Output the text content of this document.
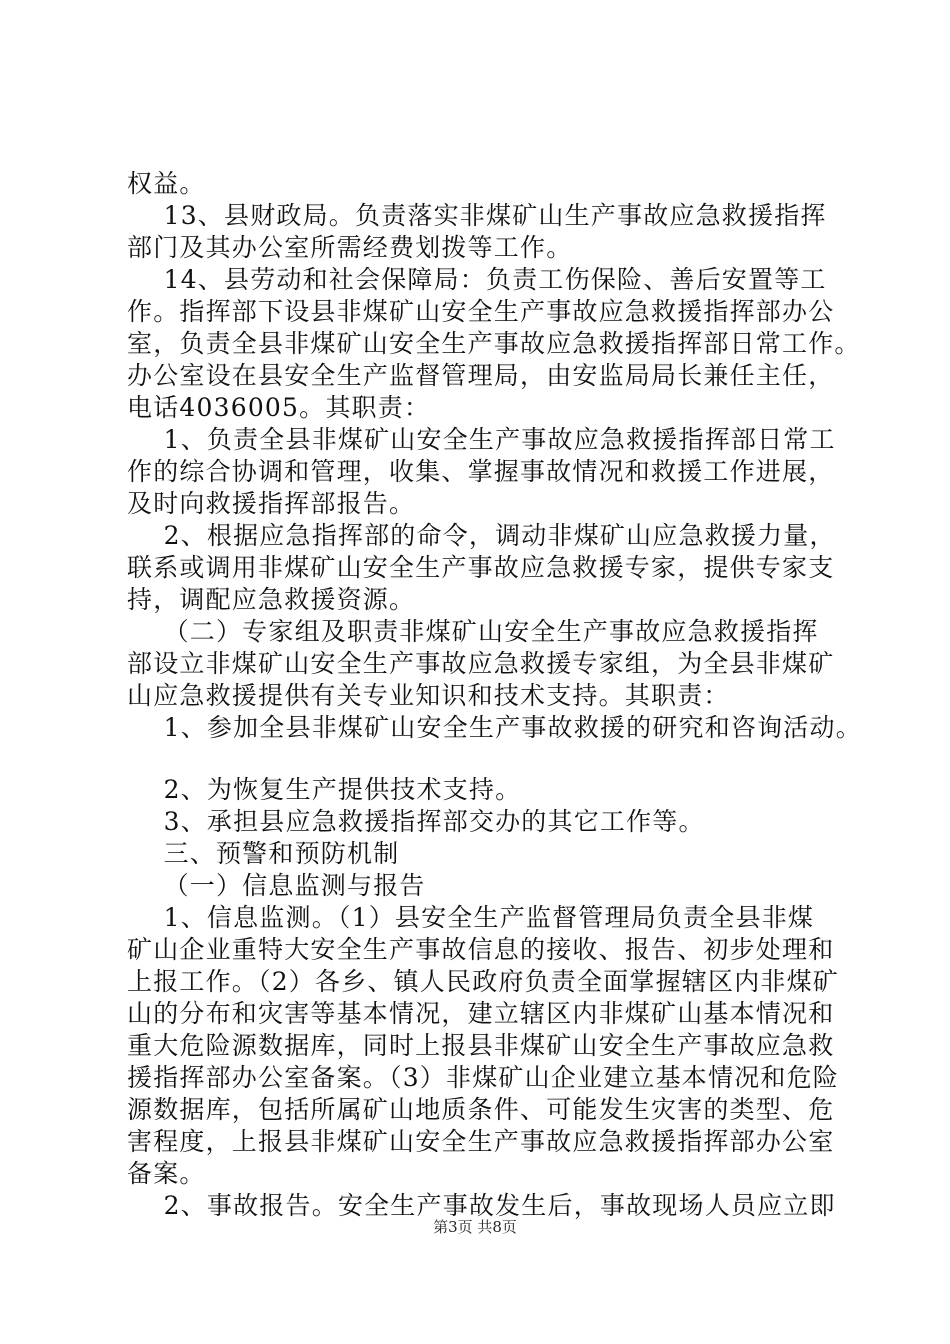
权益。
13、县财政局。负责落实非煤矿山生产事故应急救援指挥
部门及其办公室所需经费划拨等工作。
14、县劳动和社会保障局：负责工伤保险、善后安置等工
作。指挥部下设县非煤矿山安全生产事故应急救援指挥部办公
室，负责全县非煤矿山安全生产事故应急救援指挥部日常工作。
办公室设在县安全生产监督管理局，由安监局局长兼任主任，
电话4036005。其职责：
1、负责全县非煤矿山安全生产事故应急救援指挥部日常工
作的综合协调和管理，收集、掌握事故情况和救援工作进展，
及时向救援指挥部报告。
2、根据应急指挥部的命令，调动非煤矿山应急救援力量，
联系或调用非煤矿山安全生产事故应急救援专家，提供专家支
持，调配应急救援资源。
（二）专家组及职责非煤矿山安全生产事故应急救援指挥
部设立非煤矿山安全生产事故应急救援专家组，为全县非煤矿
山应急救援提供有关专业知识和技术支持。其职责：
1、参加全县非煤矿山安全生产事故救援的研究和咨询活动。
2、为恢复生产提供技术支持。
3、承担县应急救援指挥部交办的其它工作等。
三、预警和预防机制
（一）信息监测与报告
1、信息监测。（1）县安全生产监督管理局负责全县非煤
矿山企业重特大安全生产事故信息的接收、报告、初步处理和
上报工作。（2）各乡、镇人民政府负责全面掌握辖区内非煤矿
山的分布和灾害等基本情况，建立辖区内非煤矿山基本情况和
重大危险源数据库，同时上报县非煤矿山安全生产事故应急救
援指挥部办公室备案。（3）非煤矿山企业建立基本情况和危险
源数据库，包括所属矿山地质条件、可能发生灾害的类型、危
害程度，上报县非煤矿山安全生产事故应急救援指挥部办公室
备案。
2、事故报告。安全生产事故发生后，事故现场人员应立即
第3页 共8页
